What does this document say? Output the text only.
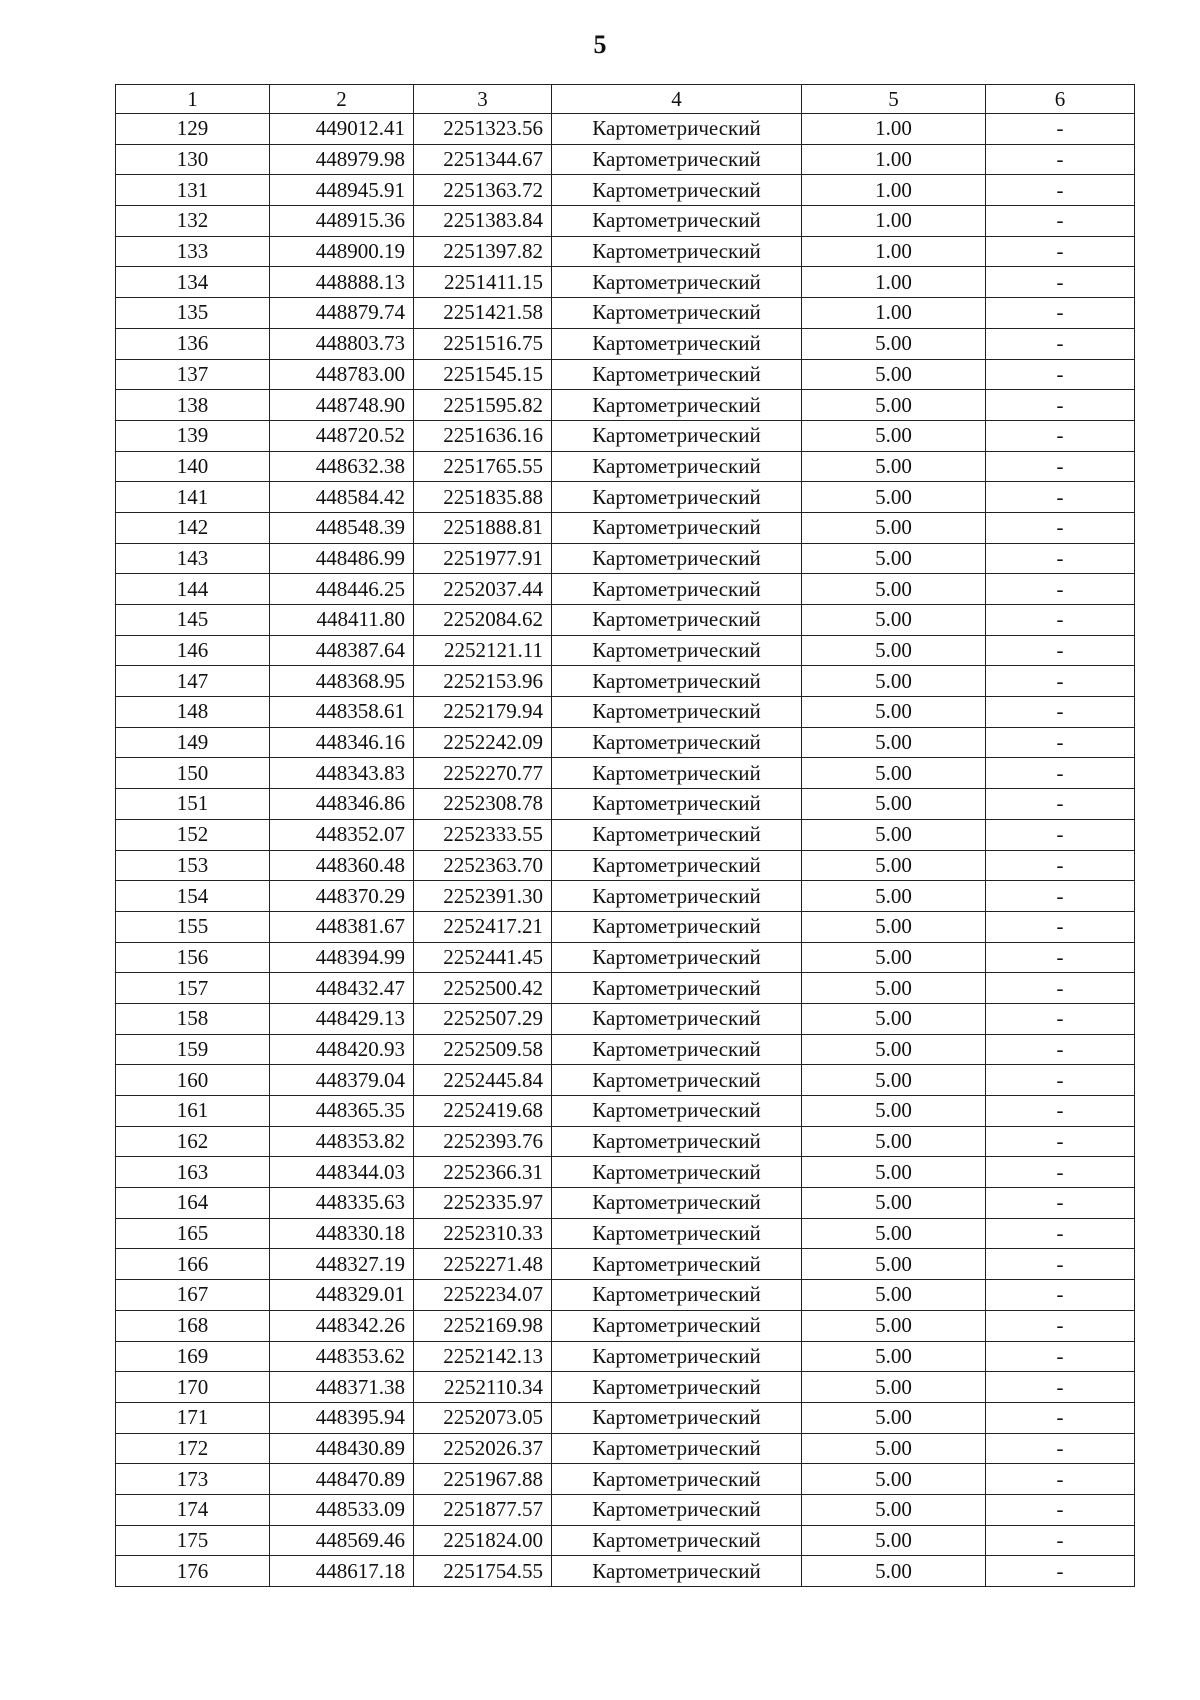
5
1	2	3	4	5	6
129	449012.41	2251323.56	Картометрический	1.00	-
130	448979.98	2251344.67	Картометрический	1.00	-
131	448945.91	2251363.72	Картометрический	1.00	-
132	448915.36	2251383.84	Картометрический	1.00	-
133	448900.19	2251397.82	Картометрический	1.00	-
134	448888.13	2251411.15	Картометрический	1.00	-
135	448879.74	2251421.58	Картометрический	1.00	-
136	448803.73	2251516.75	Картометрический	5.00	-
137	448783.00	2251545.15	Картометрический	5.00	-
138	448748.90	2251595.82	Картометрический	5.00	-
139	448720.52	2251636.16	Картометрический	5.00	-
140	448632.38	2251765.55	Картометрический	5.00	-
141	448584.42	2251835.88	Картометрический	5.00	-
142	448548.39	2251888.81	Картометрический	5.00	-
143	448486.99	2251977.91	Картометрический	5.00	-
144	448446.25	2252037.44	Картометрический	5.00	-
145	448411.80	2252084.62	Картометрический	5.00	-
146	448387.64	2252121.11	Картометрический	5.00	-
147	448368.95	2252153.96	Картометрический	5.00	-
148	448358.61	2252179.94	Картометрический	5.00	-
149	448346.16	2252242.09	Картометрический	5.00	-
150	448343.83	2252270.77	Картометрический	5.00	-
151	448346.86	2252308.78	Картометрический	5.00	-
152	448352.07	2252333.55	Картометрический	5.00	-
153	448360.48	2252363.70	Картометрический	5.00	-
154	448370.29	2252391.30	Картометрический	5.00	-
155	448381.67	2252417.21	Картометрический	5.00	-
156	448394.99	2252441.45	Картометрический	5.00	-
157	448432.47	2252500.42	Картометрический	5.00	-
158	448429.13	2252507.29	Картометрический	5.00	-
159	448420.93	2252509.58	Картометрический	5.00	-
160	448379.04	2252445.84	Картометрический	5.00	-
161	448365.35	2252419.68	Картометрический	5.00	-
162	448353.82	2252393.76	Картометрический	5.00	-
163	448344.03	2252366.31	Картометрический	5.00	-
164	448335.63	2252335.97	Картометрический	5.00	-
165	448330.18	2252310.33	Картометрический	5.00	-
166	448327.19	2252271.48	Картометрический	5.00	-
167	448329.01	2252234.07	Картометрический	5.00	-
168	448342.26	2252169.98	Картометрический	5.00	-
169	448353.62	2252142.13	Картометрический	5.00	-
170	448371.38	2252110.34	Картометрический	5.00	-
171	448395.94	2252073.05	Картометрический	5.00	-
172	448430.89	2252026.37	Картометрический	5.00	-
173	448470.89	2251967.88	Картометрический	5.00	-
174	448533.09	2251877.57	Картометрический	5.00	-
175	448569.46	2251824.00	Картометрический	5.00	-
176	448617.18	2251754.55	Картометрический	5.00	-
